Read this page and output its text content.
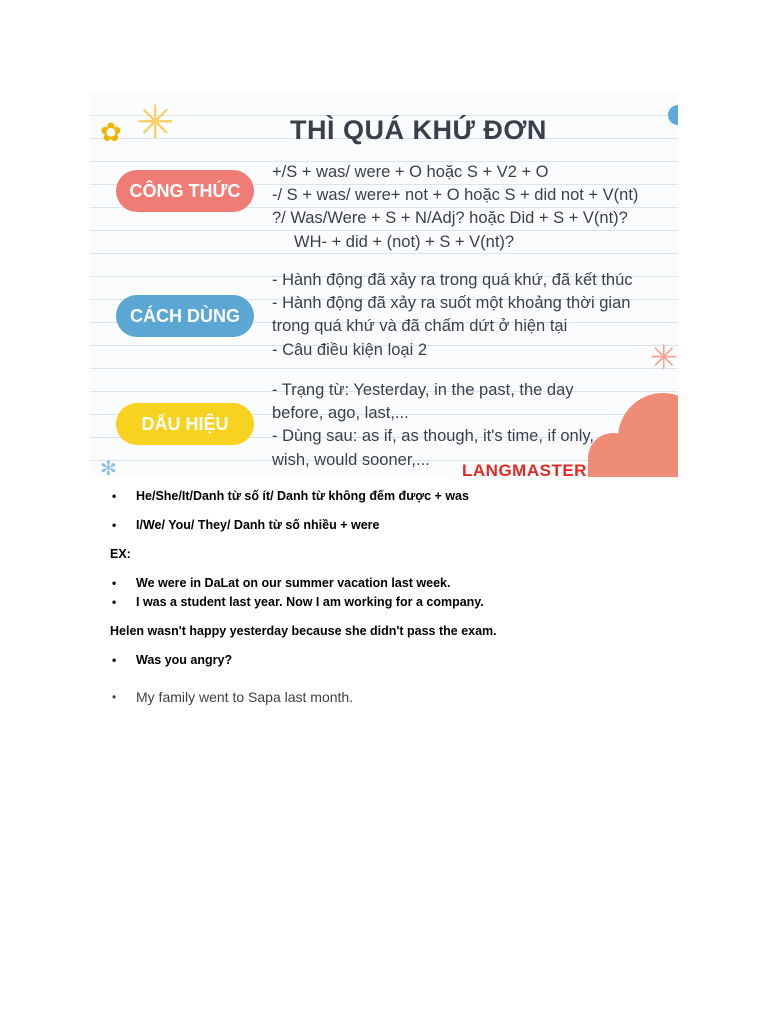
✿ ✳
✻
✳
THÌ QUÁ KHỨ ĐƠN
CÔNG THỨC
+/S + was/ were + O hoặc S + V2 + O
-/ S + was/ were+ not + O hoặc S + did not + V(nt)
?/ Was/Were + S + N/Adj? hoặc Did + S + V(nt)?
WH- + did + (not) + S + V(nt)?
CÁCH DÙNG
- Hành động đã xảy ra trong quá khứ, đã kết thúc
- Hành động đã xảy ra suốt một khoảng thời gian
trong quá khứ và đã chấm dứt ở hiện tại
- Câu điều kiện loại 2
DẤU HIỆU
- Trạng từ: Yesterday, in the past, the day
before, ago, last,...
- Dùng sau: as if, as though, it's time, if only,
wish, would sooner,...
LANGMASTER
• He/She/It/Danh từ số ít/ Danh từ không đếm được + was
• I/We/ You/ They/ Danh từ số nhiều + were
EX:
• We were in DaLat on our summer vacation last week.
• I was a student last year. Now I am working for a company.
Helen wasn't happy yesterday because she didn't pass the exam.
• Was you angry?
• My family went to Sapa last month.
